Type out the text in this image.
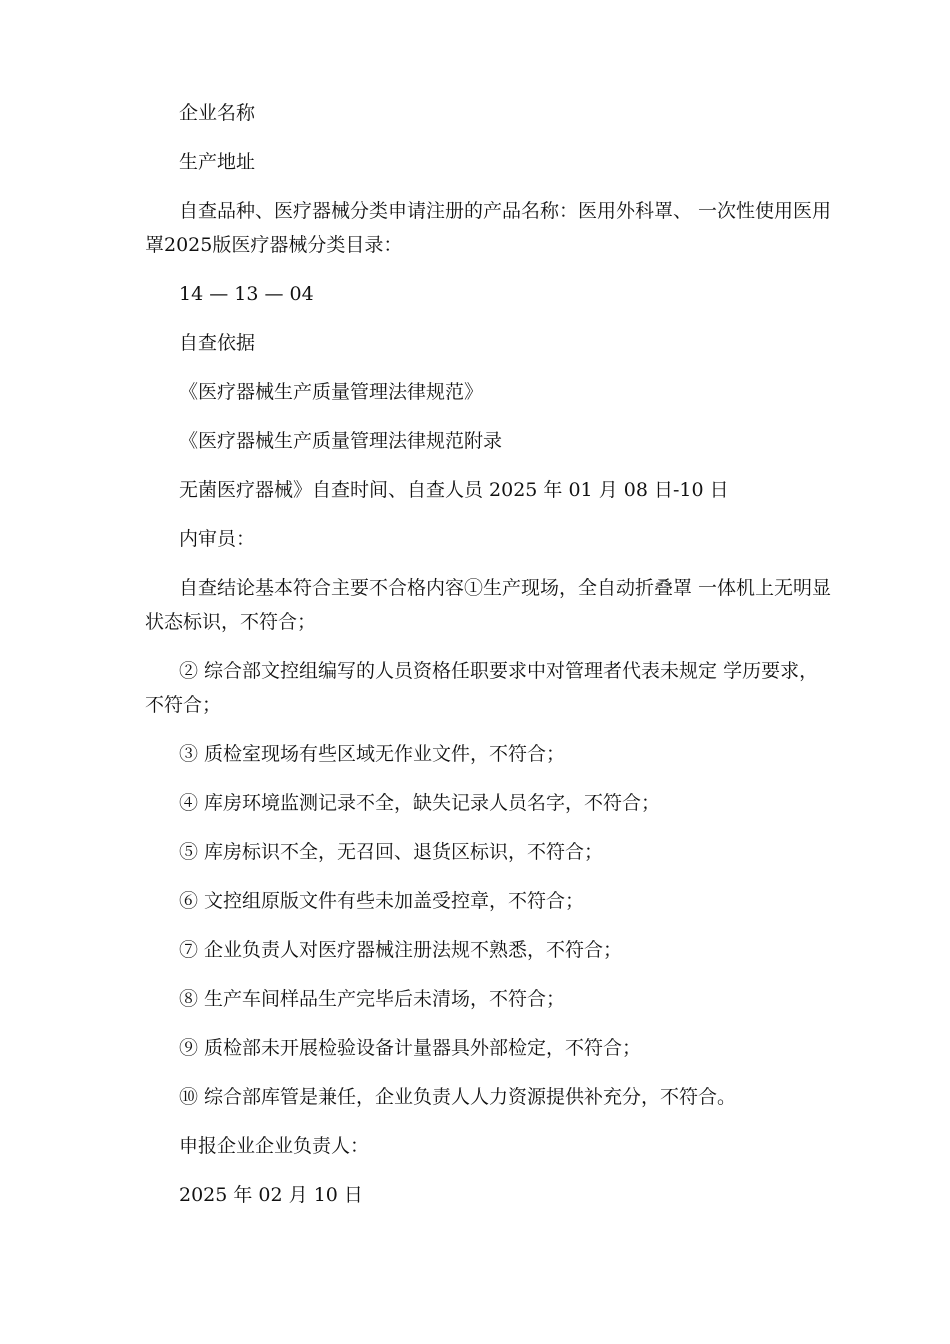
企业名称

生产地址

自查品种、医疗器械分类申请注册的产品名称：医用外科罩、 一次性使用医用罩2025版医疗器械分类目录：

14 — 13 — 04

自查依据

《医疗器械生产质量管理法律规范》

《医疗器械生产质量管理法律规范附录

无菌医疗器械》自查时间、自查人员 2025 年 01 月 08 日-10 日

内审员：

自查结论基本符合主要不合格内容①生产现场，全自动折叠罩 一体机上无明显状态标识，不符合；

② 综合部文控组编写的人员资格任职要求中对管理者代表未规定 学历要求，不符合；

③ 质检室现场有些区域无作业文件，不符合；

④ 库房环境监测记录不全，缺失记录人员名字，不符合；

⑤ 库房标识不全，无召回、退货区标识，不符合；

⑥ 文控组原版文件有些未加盖受控章，不符合；

⑦ 企业负责人对医疗器械注册法规不熟悉，不符合；

⑧ 生产车间样品生产完毕后未清场，不符合；

⑨ 质检部未开展检验设备计量器具外部检定，不符合；

⑩ 综合部库管是兼任，企业负责人人力资源提供补充分，不符合。

申报企业企业负责人：

2025 年 02 月 10 日
